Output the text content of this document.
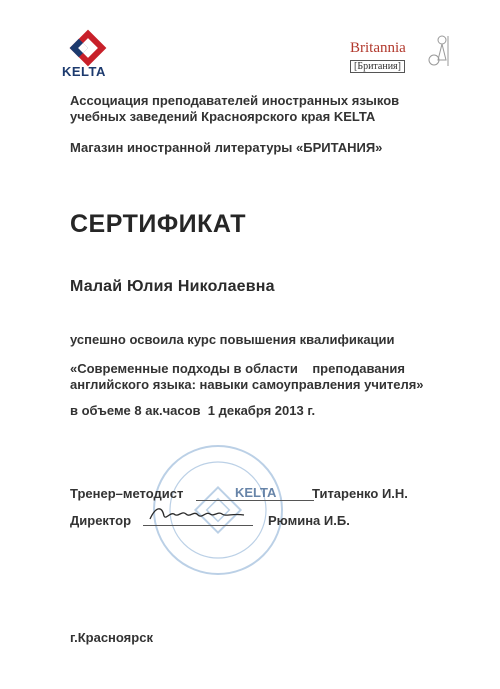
KELTA
Britannia
[Британия]
Ассоциация преподавателей иностранных языков
учебных заведений Красноярского края KELTA
Магазин иностранной литературы «БРИТАНИЯ»
СЕРТИФИКАТ
Малай Юлия Николаевна
успешно освоила курс повышения квалификации
«Современные подходы в области    преподавания
английского языка: навыки самоуправления учителя»
в объеме 8 ак.часов  1 декабря 2013 г.
KELTA
Тренер–методист	Титаренко И.Н.
Директор	Рюмина И.Б.
г.Красноярск
